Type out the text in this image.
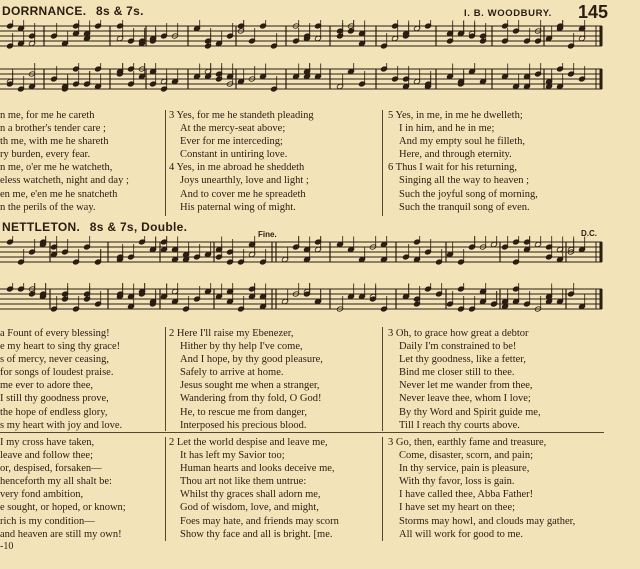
DORRNANCE. 8s & 7s.	I. B. WOODBURY. 145
n me, for me he careth
n a brother's tender care ;
th me, with me he shareth
ry burden, every fear.

n me, o'er me he watcheth,
eless watcheth, night and day ;
en me, e'en me he snatcheth
n the perils of the way.
3 Yes, for me he standeth pleading
At the mercy-seat above;
Ever for me interceding;
Constant in untiring love.

4 Yes, in me abroad he sheddeth
Joys unearthly, love and light ;
And to cover me he spreadeth
His paternal wing of might.
5 Yes, in me, in me he dwelleth;
I in him, and he in me;
And my empty soul he filleth,
Here, and through eternity.

6 Thus I wait for his returning,
Singing all the way to heaven ;
Such the joyful song of morning,
Such the tranquil song of even.
NETTLETON. 8s & 7s, Double.
Fine.	D.C.
a Fount of every blessing!
e my heart to sing thy grace!
s of mercy, never ceasing,
for songs of loudest praise.
me ever to adore thee,
I still thy goodness prove,
the hope of endless glory,
s my heart with joy and love.
2 Here I'll raise my Ebenezer,
Hither by thy help I've come,
And I hope, by thy good pleasure,
Safely to arrive at home.
Jesus sought me when a stranger,
Wandering from thy fold, O God!
He, to rescue me from danger,
Interposed his precious blood.
3 Oh, to grace how great a debtor
Daily I'm constrained to be!
Let thy goodness, like a fetter,
Bind me closer still to thee.
Never let me wander from thee,
Never leave thee, whom I love;
By thy Word and Spirit guide me,
Till I reach thy courts above.
I my cross have taken,
leave and follow thee;
or, despised, forsaken—
henceforth my all shalt be:
very fond ambition,
e sought, or hoped, or known;
rich is my condition—
and heaven are still my own!
2 Let the world despise and leave me,
It has left my Savior too;
Human hearts and looks deceive me,
Thou art not like them untrue:
Whilst thy graces shall adorn me,
God of wisdom, love, and might,
Foes may hate, and friends may scorn
Show thy face and all is bright. [me.
3 Go, then, earthly fame and treasure,
Come, disaster, scorn, and pain;
In thy service, pain is pleasure,
With thy favor, loss is gain.
I have called thee, Abba Father!
I have set my heart on thee;
Storms may howl, and clouds may gather,
All will work for good to me.
-10
